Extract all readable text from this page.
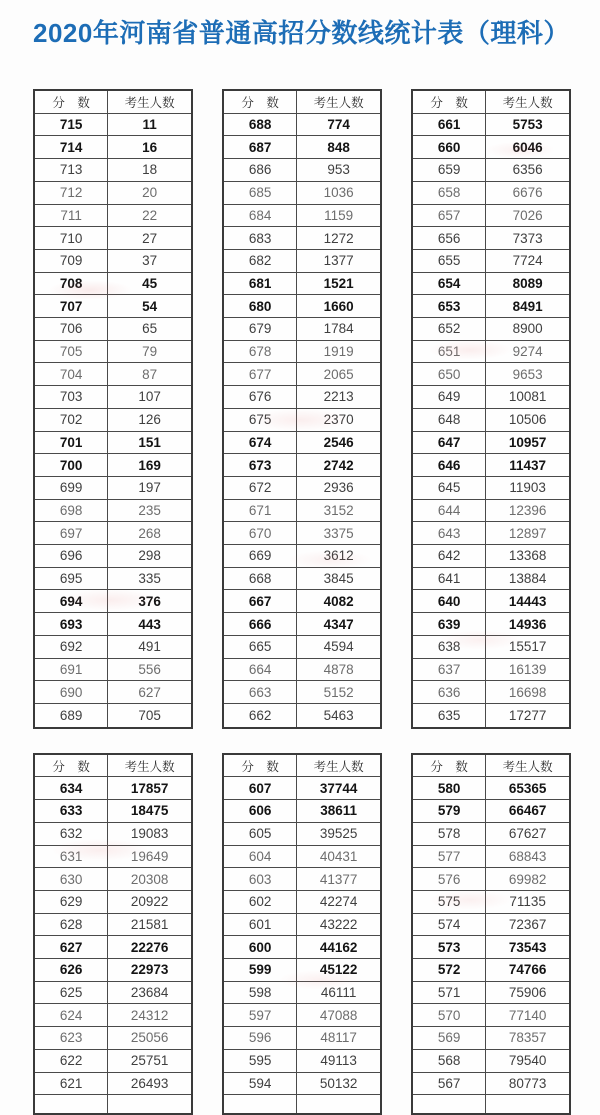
2020年河南省普通高招分数线统计表（理科）
分　数	考生人数
715	11
714	16
713	18
712	20
711	22
710	27
709	37
708	45
707	54
706	65
705	79
704	87
703	107
702	126
701	151
700	169
699	197
698	235
697	268
696	298
695	335
694	376
693	443
692	491
691	556
690	627
689	705
分　数	考生人数
688	774
687	848
686	953
685	1036
684	1159
683	1272
682	1377
681	1521
680	1660
679	1784
678	1919
677	2065
676	2213
675	2370
674	2546
673	2742
672	2936
671	3152
670	3375
669	3612
668	3845
667	4082
666	4347
665	4594
664	4878
663	5152
662	5463
分　数	考生人数
661	5753
660	6046
659	6356
658	6676
657	7026
656	7373
655	7724
654	8089
653	8491
652	8900
651	9274
650	9653
649	10081
648	10506
647	10957
646	11437
645	11903
644	12396
643	12897
642	13368
641	13884
640	14443
639	14936
638	15517
637	16139
636	16698
635	17277
分　数	考生人数
634	17857
633	18475
632	19083
631	19649
630	20308
629	20922
628	21581
627	22276
626	22973
625	23684
624	24312
623	25056
622	25751
621	26493
分　数	考生人数
607	37744
606	38611
605	39525
604	40431
603	41377
602	42274
601	43222
600	44162
599	45122
598	46111
597	47088
596	48117
595	49113
594	50132
分　数	考生人数
580	65365
579	66467
578	67627
577	68843
576	69982
575	71135
574	72367
573	73543
572	74766
571	75906
570	77140
569	78357
568	79540
567	80773
